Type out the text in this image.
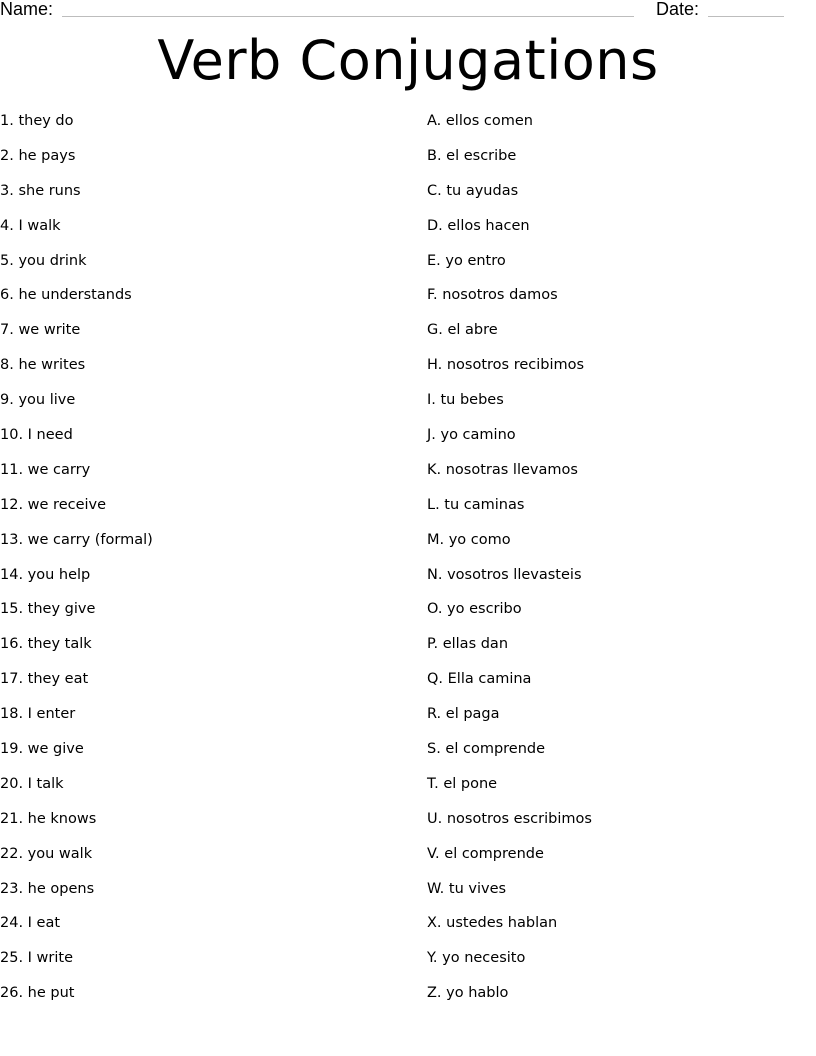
Name:	Date:
Verb Conjugations
1. they do
2. he pays
3. she runs
4. I walk
5. you drink
6. he understands
7. we write
8. he writes
9. you live
10. I need
11. we carry
12. we receive
13. we carry (formal)
14. you help
15. they give
16. they talk
17. they eat
18. I enter
19. we give
20. I talk
21. he knows
22. you walk
23. he opens
24. I eat
25. I write
26. he put
A. ellos comen
B. el escribe
C. tu ayudas
D. ellos hacen
E. yo entro
F. nosotros damos
G. el abre
H. nosotros recibimos
I. tu bebes
J. yo camino
K. nosotras llevamos
L. tu caminas
M. yo como
N. vosotros llevasteis
O. yo escribo
P. ellas dan
Q. Ella camina
R. el paga
S. el comprende
T. el pone
U. nosotros escribimos
V. el comprende
W. tu vives
X. ustedes hablan
Y. yo necesito
Z. yo hablo
